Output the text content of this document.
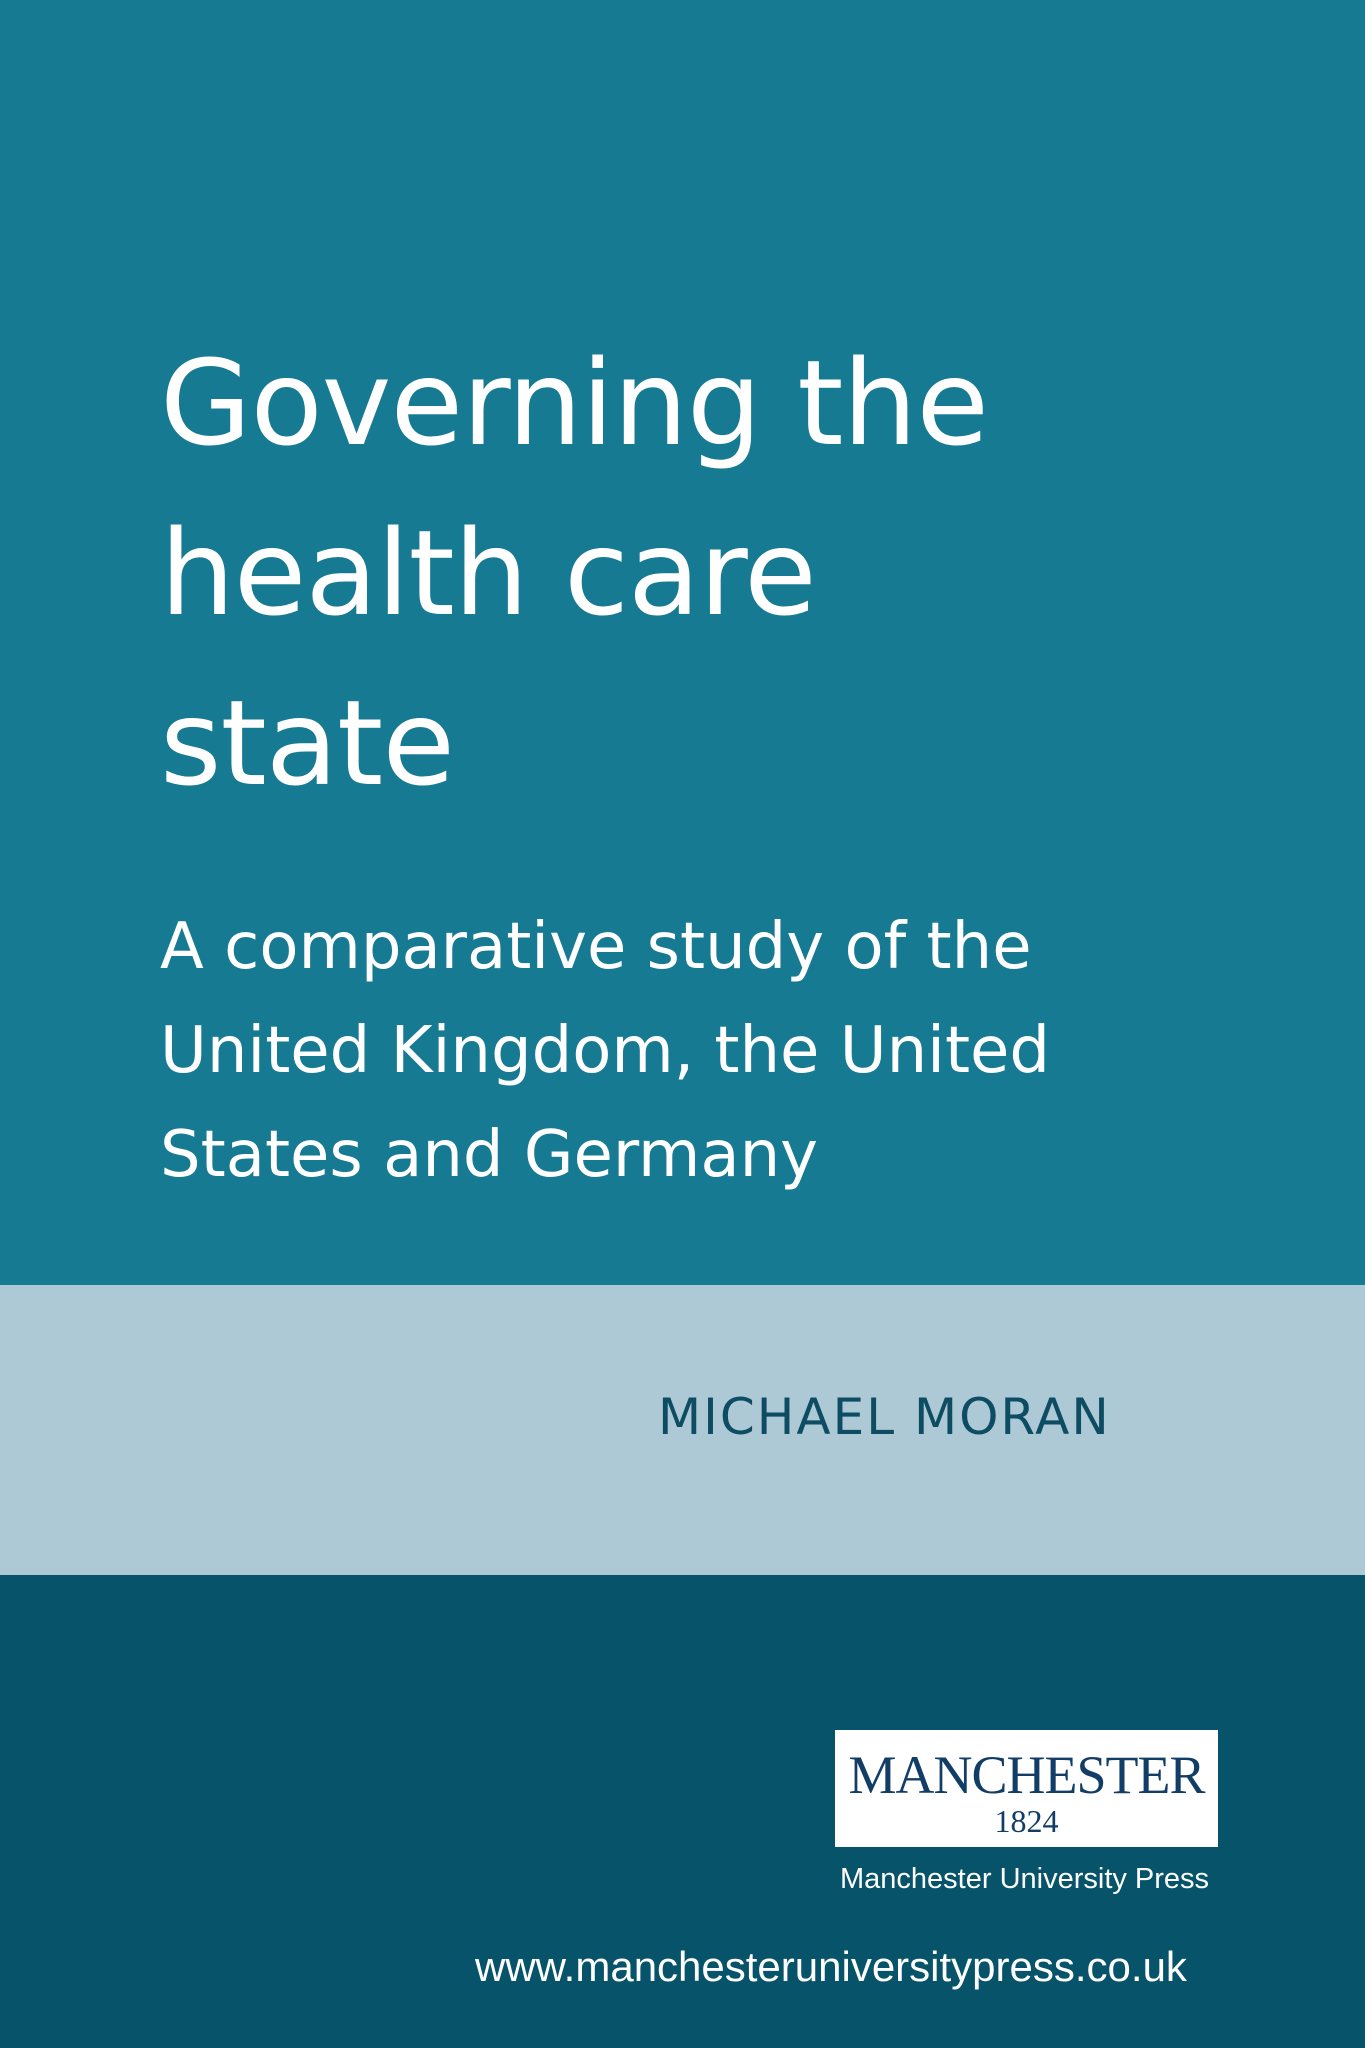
Governing the
health care
state

A comparative study of the
United Kingdom, the United
States and Germany

MICHAEL MORAN
MANCHESTER
1824
Manchester University Press
www.manchesteruniversitypress.co.uk
